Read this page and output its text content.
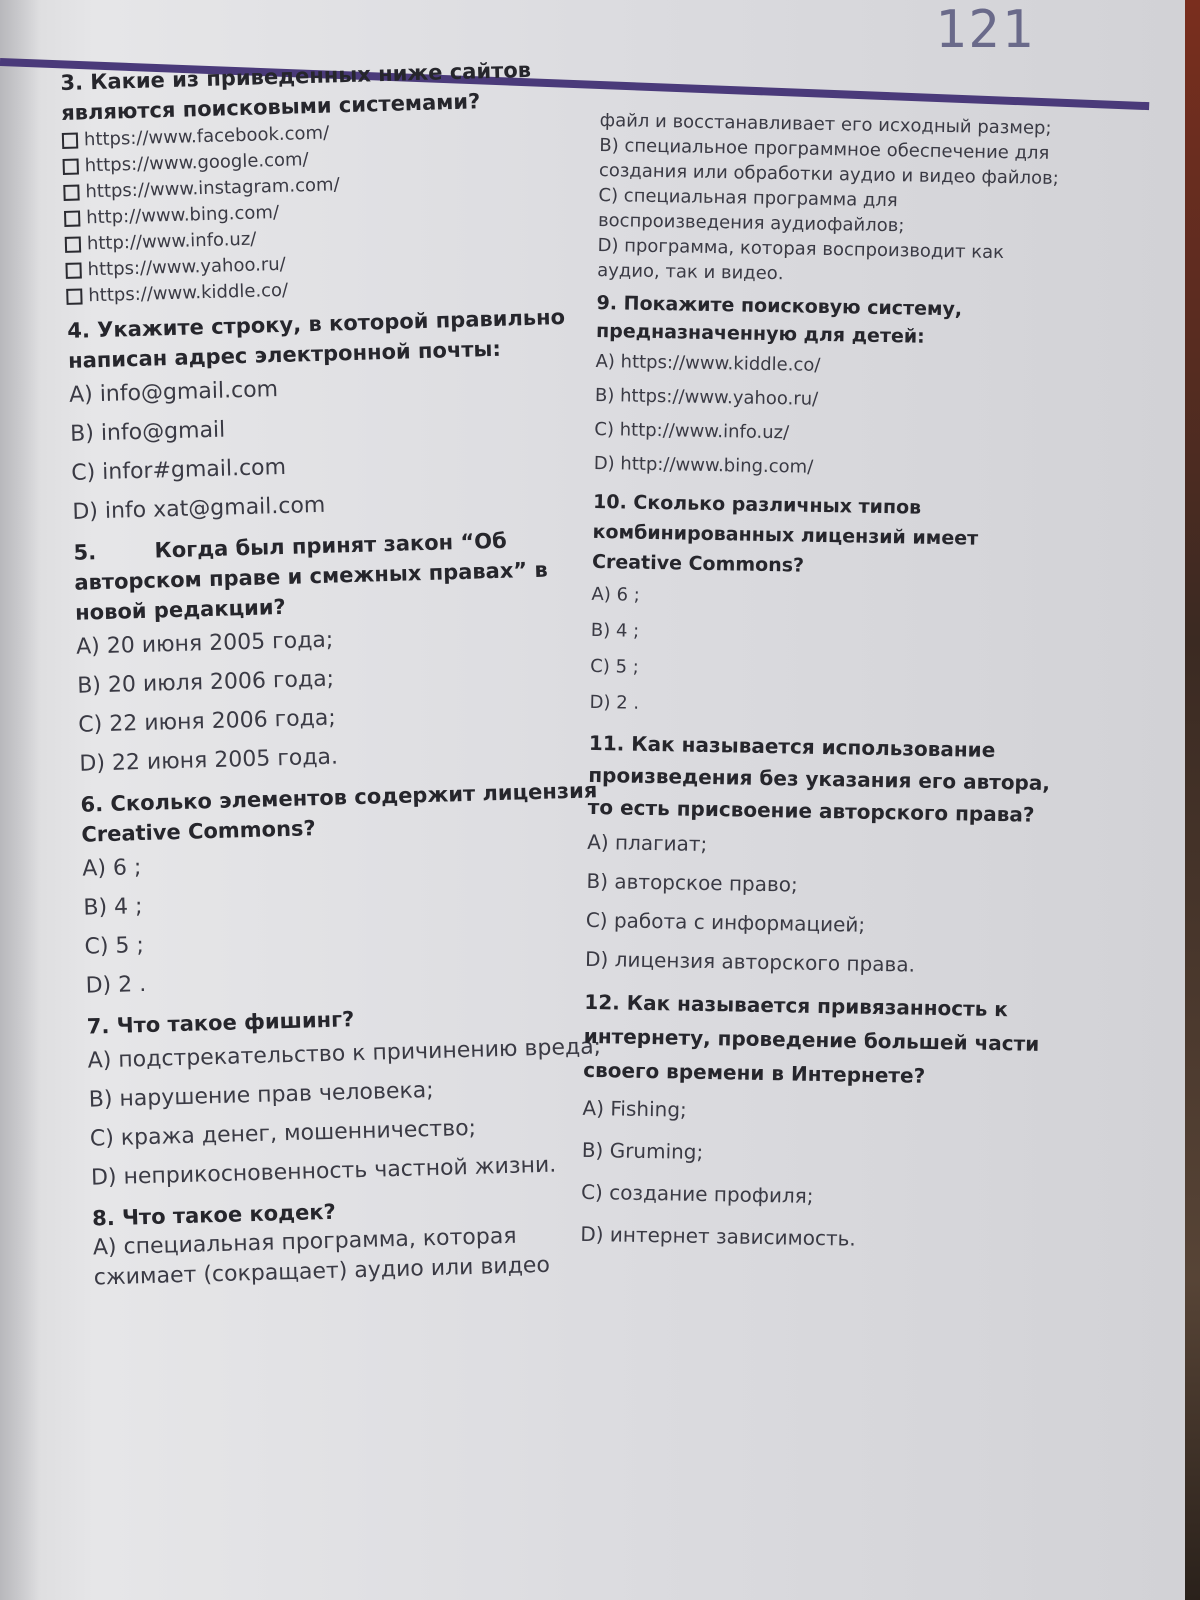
121
3. Какие из приведенных ниже сайтов являются поисковыми системами?
https://www.facebook.com/
https://www.google.com/
https://www.instagram.com/
http://www.bing.com/
http://www.info.uz/
https://www.yahoo.ru/
https://www.kiddle.co/
4. Укажите строку, в которой правильно написан адрес электронной почты:
A) info@gmail.com
B) info@gmail
C) infor#gmail.com
D) info xat@gmail.com
5.        Когда был принят закон “Об авторском праве и смежных правах” в новой редакции?
A) 20 июня 2005 года;
B) 20 июля 2006 года;
C) 22 июня 2006 года;
D) 22 июня 2005 года.
6. Сколько элементов содержит лицензия Creative Commons?
A) 6 ;
B) 4 ;
C) 5 ;
D) 2 .
7. Что такое фишинг?
A) подстрекательство к причинению вреда;
B) нарушение прав человека;
C) кража денег, мошенничество;
D) неприкосновенность частной жизни.
8. Что такое кодек?
A) специальная программа, которая сжимает (сокращает) аудио или видео
файл и восстанавливает его исходный размер;
B) специальное программное обеспечение для создания или обработки аудио и видео файлов;
C) специальная программа для воспроизведения аудиофайлов;
D) программа, которая воспроизводит как аудио, так и видео.
9. Покажите поисковую систему, предназначенную для детей:
A) https://www.kiddle.co/
B) https://www.yahoo.ru/
C) http://www.info.uz/
D) http://www.bing.com/
10. Сколько различных типов комбинированных лицензий имеет Creative Commons?
A) 6 ;
B) 4 ;
C) 5 ;
D) 2 .
11. Как называется использование произведения без указания его автора, то есть присвоение авторского права?
A) плагиат;
B) авторское право;
C) работа с информацией;
D) лицензия авторского права.
12. Как называется привязанность к интернету, проведение большей части своего времени в Интернете?
A) Fishing;
B) Gruming;
C) создание профиля;
D) интернет зависимость.
